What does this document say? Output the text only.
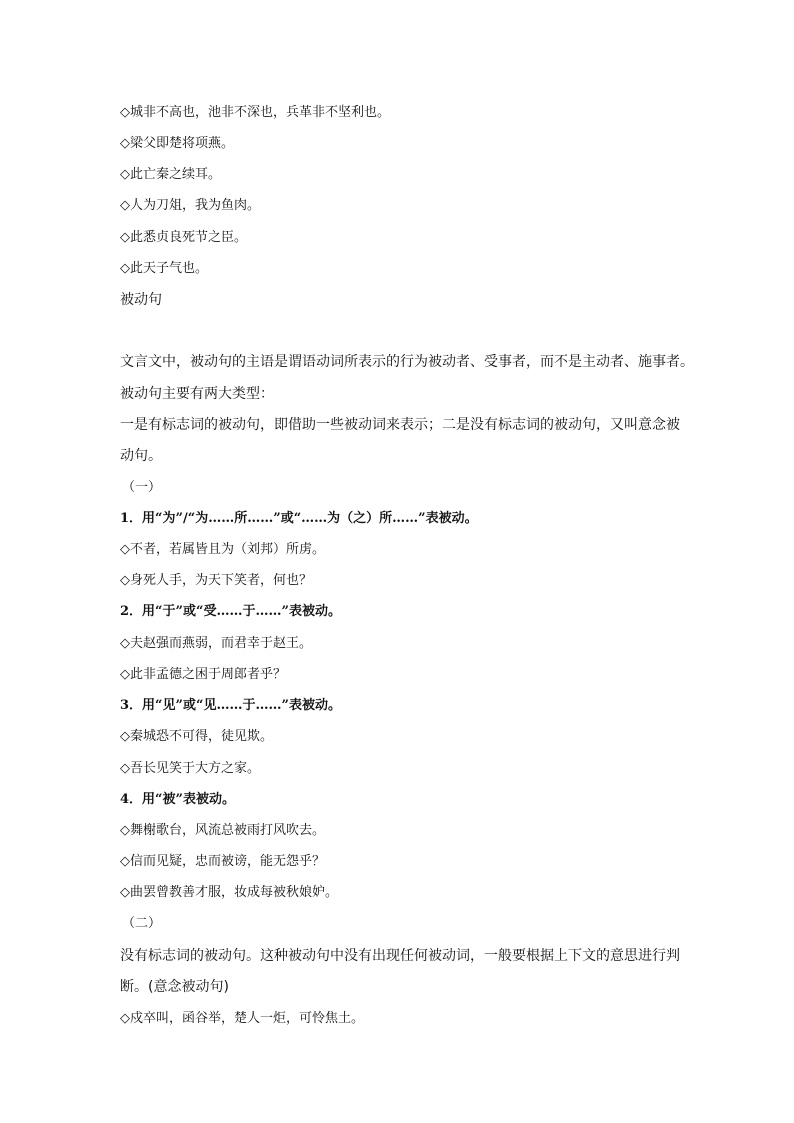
◇城非不高也，池非不深也，兵革非不坚利也。
◇梁父即楚将项燕。
◇此亡秦之续耳。
◇人为刀俎，我为鱼肉。
◇此悉贞良死节之臣。
◇此天子气也。
被动句
文言文中，被动句的主语是谓语动词所表示的行为被动者、受事者，而不是主动者、施事者。
被动句主要有两大类型：
一是有标志词的被动句，即借助一些被动词来表示；二是没有标志词的被动句，又叫意念被
动句。
（一）
1．用“为”/“为……所……”或“……为（之）所……”表被动。
◇不者，若属皆且为（刘邦）所虏。
◇身死人手，为天下笑者，何也？
2．用“于”或“受……于……”表被动。
◇夫赵强而燕弱，而君幸于赵王。
◇此非孟德之困于周郎者乎？
3．用“见”或“见……于……”表被动。
◇秦城恐不可得，徒见欺。
◇吾长见笑于大方之家。
4．用“被”表被动。
◇舞榭歌台，风流总被雨打风吹去。
◇信而见疑，忠而被谤，能无怨乎？
◇曲罢曾教善才服，妆成每被秋娘妒。
（二）
没有标志词的被动句。这种被动句中没有出现任何被动词，一般要根据上下文的意思进行判
断。(意念被动句)
◇戍卒叫，函谷举，楚人一炬，可怜焦土。
